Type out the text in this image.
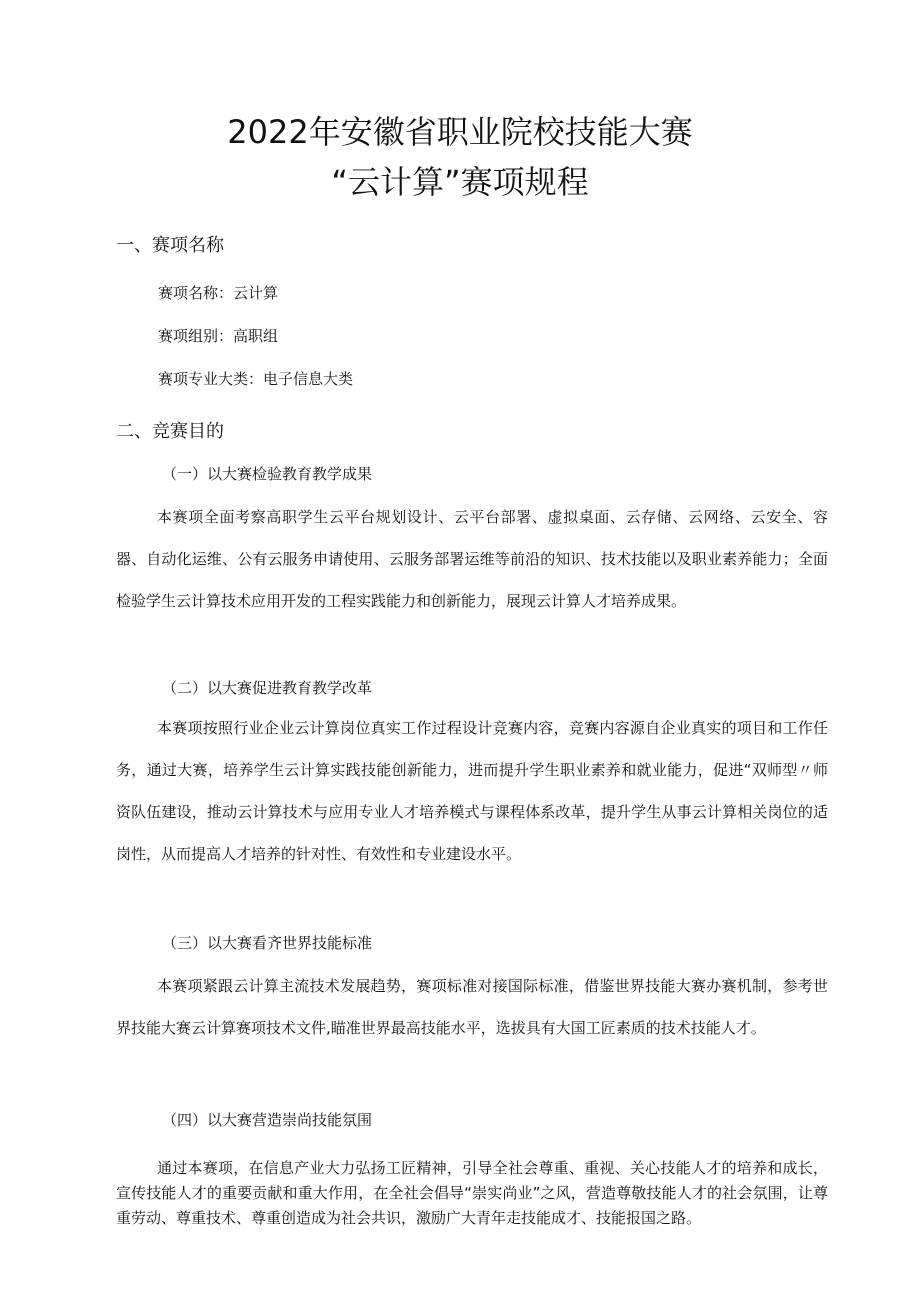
2022年安徽省职业院校技能大赛
“云计算”赛项规程
一、赛项名称
赛项名称：云计算
赛项组别：高职组
赛项专业大类：电子信息大类
二、竞赛目的
（一）以大赛检验教育教学成果

本赛项全面考察高职学生云平台规划设计、云平台部署、虚拟桌面、云存储、云网络、云安全、容器、自动化运维、公有云服务申请使用、云服务部署运维等前沿的知识、技术技能以及职业素养能力；全面检验学生云计算技术应用开发的工程实践能力和创新能力，展现云计算人才培养成果。

（二）以大赛促进教育教学改革

本赛项按照行业企业云计算岗位真实工作过程设计竞赛内容，竞赛内容源自企业真实的项目和工作任务，通过大赛，培养学生云计算实践技能创新能力，进而提升学生职业素养和就业能力，促进“双师型〃师资队伍建设，推动云计算技术与应用专业人才培养模式与课程体系改革，提升学生从事云计算相关岗位的适岗性，从而提高人才培养的针对性、有效性和专业建设水平。

（三）以大赛看齐世界技能标准

本赛项紧跟云计算主流技术发展趋势，赛项标准对接国际标准，借鉴世界技能大赛办赛机制，参考世界技能大赛云计算赛项技术文件,瞄准世界最高技能水平，选拔具有大国工匠素质的技术技能人才。

（四）以大赛营造崇尚技能氛围

通过本赛项，在信息产业大力弘扬工匠精神，引导全社会尊重、重视、关心技能人才的培养和成长，宣传技能人才的重要贡献和重大作用，在全社会倡导“崇实尚业”之风，营造尊敬技能人才的社会氛围，让尊重劳动、尊重技术、尊重创造成为社会共识，激励广大青年走技能成才、技能报国之路。
